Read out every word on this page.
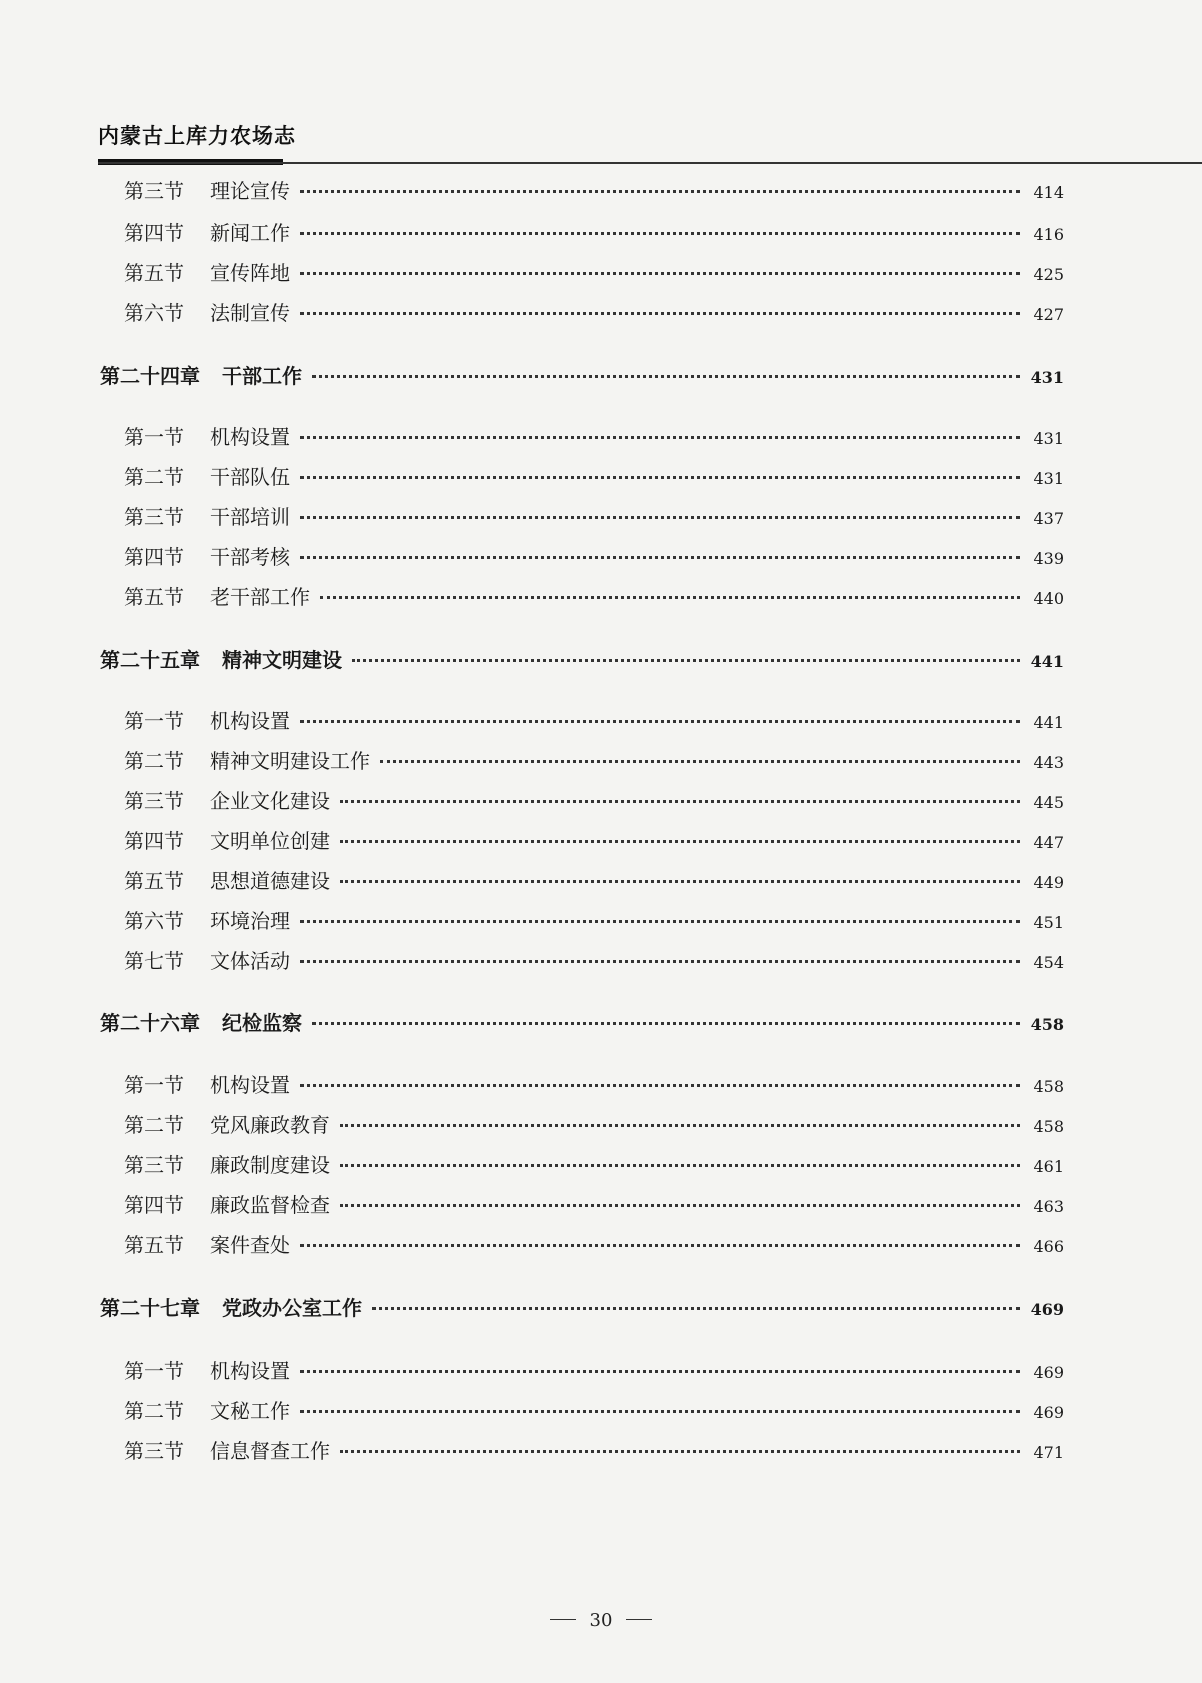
内蒙古上库力农场志
第三节	理论宣传	414
第四节	新闻工作	416
第五节	宣传阵地	425
第六节	法制宣传	427
第二十四章 干部工作	431
第一节	机构设置	431
第二节	干部队伍	431
第三节	干部培训	437
第四节	干部考核	439
第五节	老干部工作	440
第二十五章 精神文明建设	441
第一节	机构设置	441
第二节	精神文明建设工作	443
第三节	企业文化建设	445
第四节	文明单位创建	447
第五节	思想道德建设	449
第六节	环境治理	451
第七节	文体活动	454
第二十六章 纪检监察	458
第一节	机构设置	458
第二节	党风廉政教育	458
第三节	廉政制度建设	461
第四节	廉政监督检查	463
第五节	案件查处	466
第二十七章 党政办公室工作	469
第一节	机构设置	469
第二节	文秘工作	469
第三节	信息督查工作	471
30
